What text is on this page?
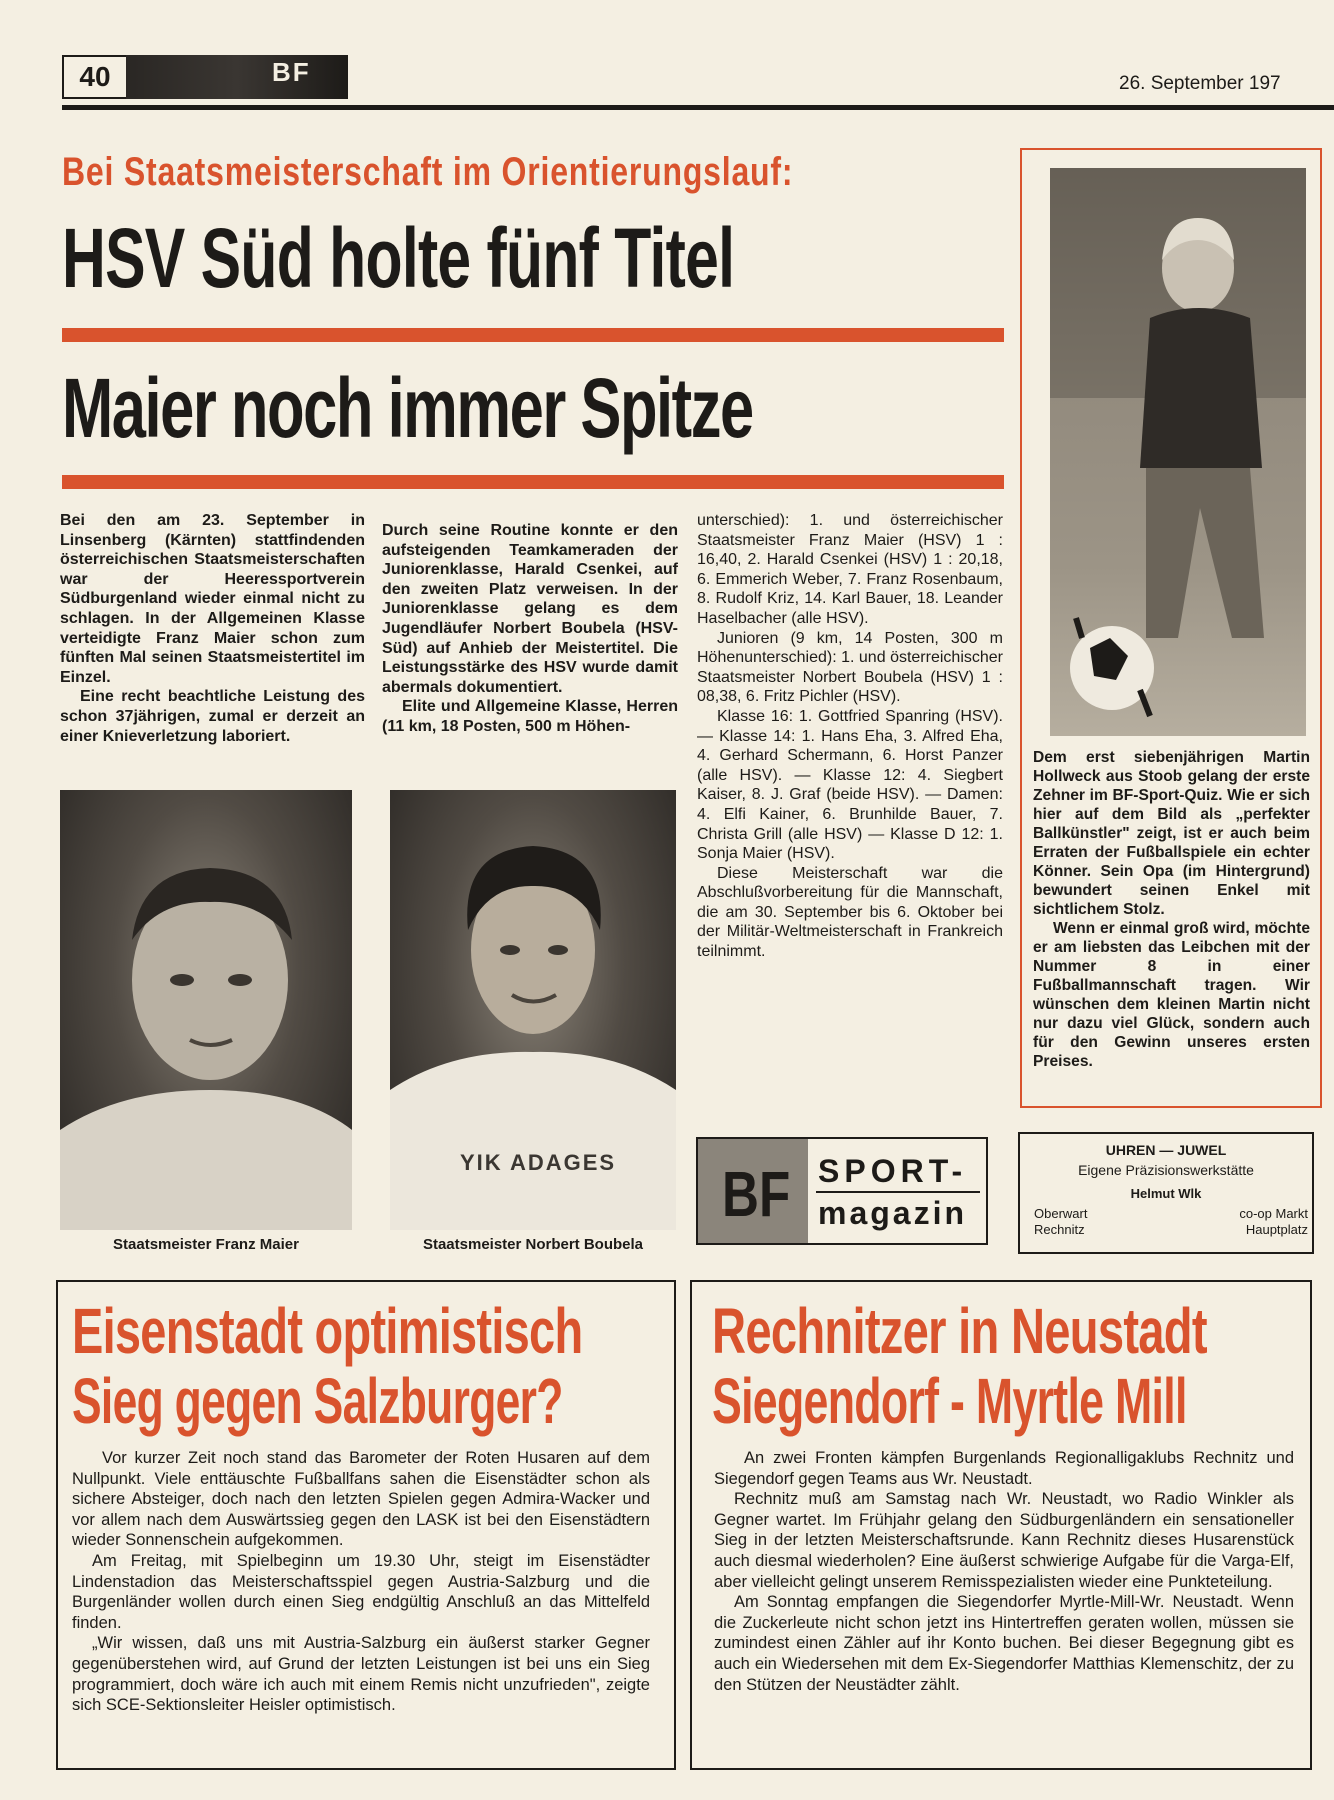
40	BF	26. September 197
Bei Staatsmeisterschaft im Orientierungslauf:
HSV Süd holte fünf Titel
Maier noch immer Spitze

Bei den am 23. September in Linsenberg (Kärnten) stattfindenden österreichischen Staatsmeisterschaften war der Heeressportverein Südburgenland wieder einmal nicht zu schlagen. In der Allgemeinen Klasse verteidigte Franz Maier schon zum fünften Mal seinen Staatsmeistertitel im Einzel.

Eine recht beachtliche Leistung des schon 37jährigen, zumal er derzeit an einer Knieverletzung laboriert.

Durch seine Routine konnte er den aufsteigenden Teamkameraden der Juniorenklasse, Harald Csenkei, auf den zweiten Platz verweisen. In der Juniorenklasse gelang es dem Jugendläufer Norbert Boubela (HSV-Süd) auf Anhieb der Meistertitel. Die Leistungsstärke des HSV wurde damit abermals dokumentiert.

Elite und Allgemeine Klasse, Herren (11 km, 18 Posten, 500 m Höhen-

unterschied): 1. und österreichischer Staatsmeister Franz Maier (HSV) 1 : 16,40, 2. Harald Csenkei (HSV) 1 : 20,18, 6. Emmerich Weber, 7. Franz Rosenbaum, 8. Rudolf Kriz, 14. Karl Bauer, 18. Leander Haselbacher (alle HSV).

Junioren (9 km, 14 Posten, 300 m Höhenunterschied): 1. und österreichischer Staatsmeister Norbert Boubela (HSV) 1 : 08,38, 6. Fritz Pichler (HSV).

Klasse 16: 1. Gottfried Spanring (HSV). — Klasse 14: 1. Hans Eha, 3. Alfred Eha, 4. Gerhard Schermann, 6. Horst Panzer (alle HSV). — Klasse 12: 4. Siegbert Kaiser, 8. J. Graf (beide HSV). — Damen: 4. Elfi Kainer, 6. Brunhilde Bauer, 7. Christa Grill (alle HSV) — Klasse D 12: 1. Sonja Maier (HSV).

Diese Meisterschaft war die Abschlußvorbereitung für die Mannschaft, die am 30. September bis 6. Oktober bei der Militär-Weltmeisterschaft in Frankreich teilnimmt.

Staatsmeister Franz Maier
YIK ADAGES
Staatsmeister Norbert Boubela

Dem erst siebenjährigen Martin Hollweck aus Stoob gelang der erste Zehner im BF-Sport-Quiz. Wie er sich hier auf dem Bild als „perfekter Ballkünstler" zeigt, ist er auch beim Erraten der Fußballspiele ein echter Könner. Sein Opa (im Hintergrund) bewundert seinen Enkel mit sichtlichem Stolz.

Wenn er einmal groß wird, möchte er am liebsten das Leibchen mit der Nummer 8 in einer Fußballmannschaft tragen. Wir wünschen dem kleinen Martin nicht nur dazu viel Glück, sondern auch für den Gewinn unseres ersten Preises.

BF SPORT-
magazin
UHREN — JUWEL
Eigene Präzisionswerkstätte
Helmut Wlk
Oberwart
Rechnitz
co-op Markt
Hauptplatz
Eisenstadt optimistisch
Sieg gegen Salzburger?

Vor kurzer Zeit noch stand das Barometer der Roten Husaren auf dem Nullpunkt. Viele enttäuschte Fußballfans sahen die Eisenstädter schon als sichere Absteiger, doch nach den letzten Spielen gegen Admira-Wacker und vor allem nach dem Auswärtssieg gegen den LASK ist bei den Eisenstädtern wieder Sonnenschein aufgekommen.

Am Freitag, mit Spielbeginn um 19.30 Uhr, steigt im Eisenstädter Lindenstadion das Meisterschaftsspiel gegen Austria-Salzburg und die Burgenländer wollen durch einen Sieg endgültig Anschluß an das Mittelfeld finden.

„Wir wissen, daß uns mit Austria-Salzburg ein äußerst starker Gegner gegenüberstehen wird, auf Grund der letzten Leistungen ist bei uns ein Sieg programmiert, doch wäre ich auch mit einem Remis nicht unzufrieden", zeigte sich SCE-Sektionsleiter Heisler optimistisch.

Rechnitzer in Neustadt
Siegendorf - Myrtle Mill

An zwei Fronten kämpfen Burgenlands Regionalligaklubs Rechnitz und Siegendorf gegen Teams aus Wr. Neustadt.

Rechnitz muß am Samstag nach Wr. Neustadt, wo Radio Winkler als Gegner wartet. Im Frühjahr gelang den Südburgenländern ein sensationeller Sieg in der letzten Meisterschaftsrunde. Kann Rechnitz dieses Husarenstück auch diesmal wiederholen? Eine äußerst schwierige Aufgabe für die Varga-Elf, aber vielleicht gelingt unserem Remisspezialisten wieder eine Punkteteilung.

Am Sonntag empfangen die Siegendorfer Myrtle-Mill-Wr. Neustadt. Wenn die Zuckerleute nicht schon jetzt ins Hintertreffen geraten wollen, müssen sie zumindest einen Zähler auf ihr Konto buchen. Bei dieser Begegnung gibt es auch ein Wiedersehen mit dem Ex-Siegendorfer Matthias Klemenschitz, der zu den Stützen der Neustädter zählt.
